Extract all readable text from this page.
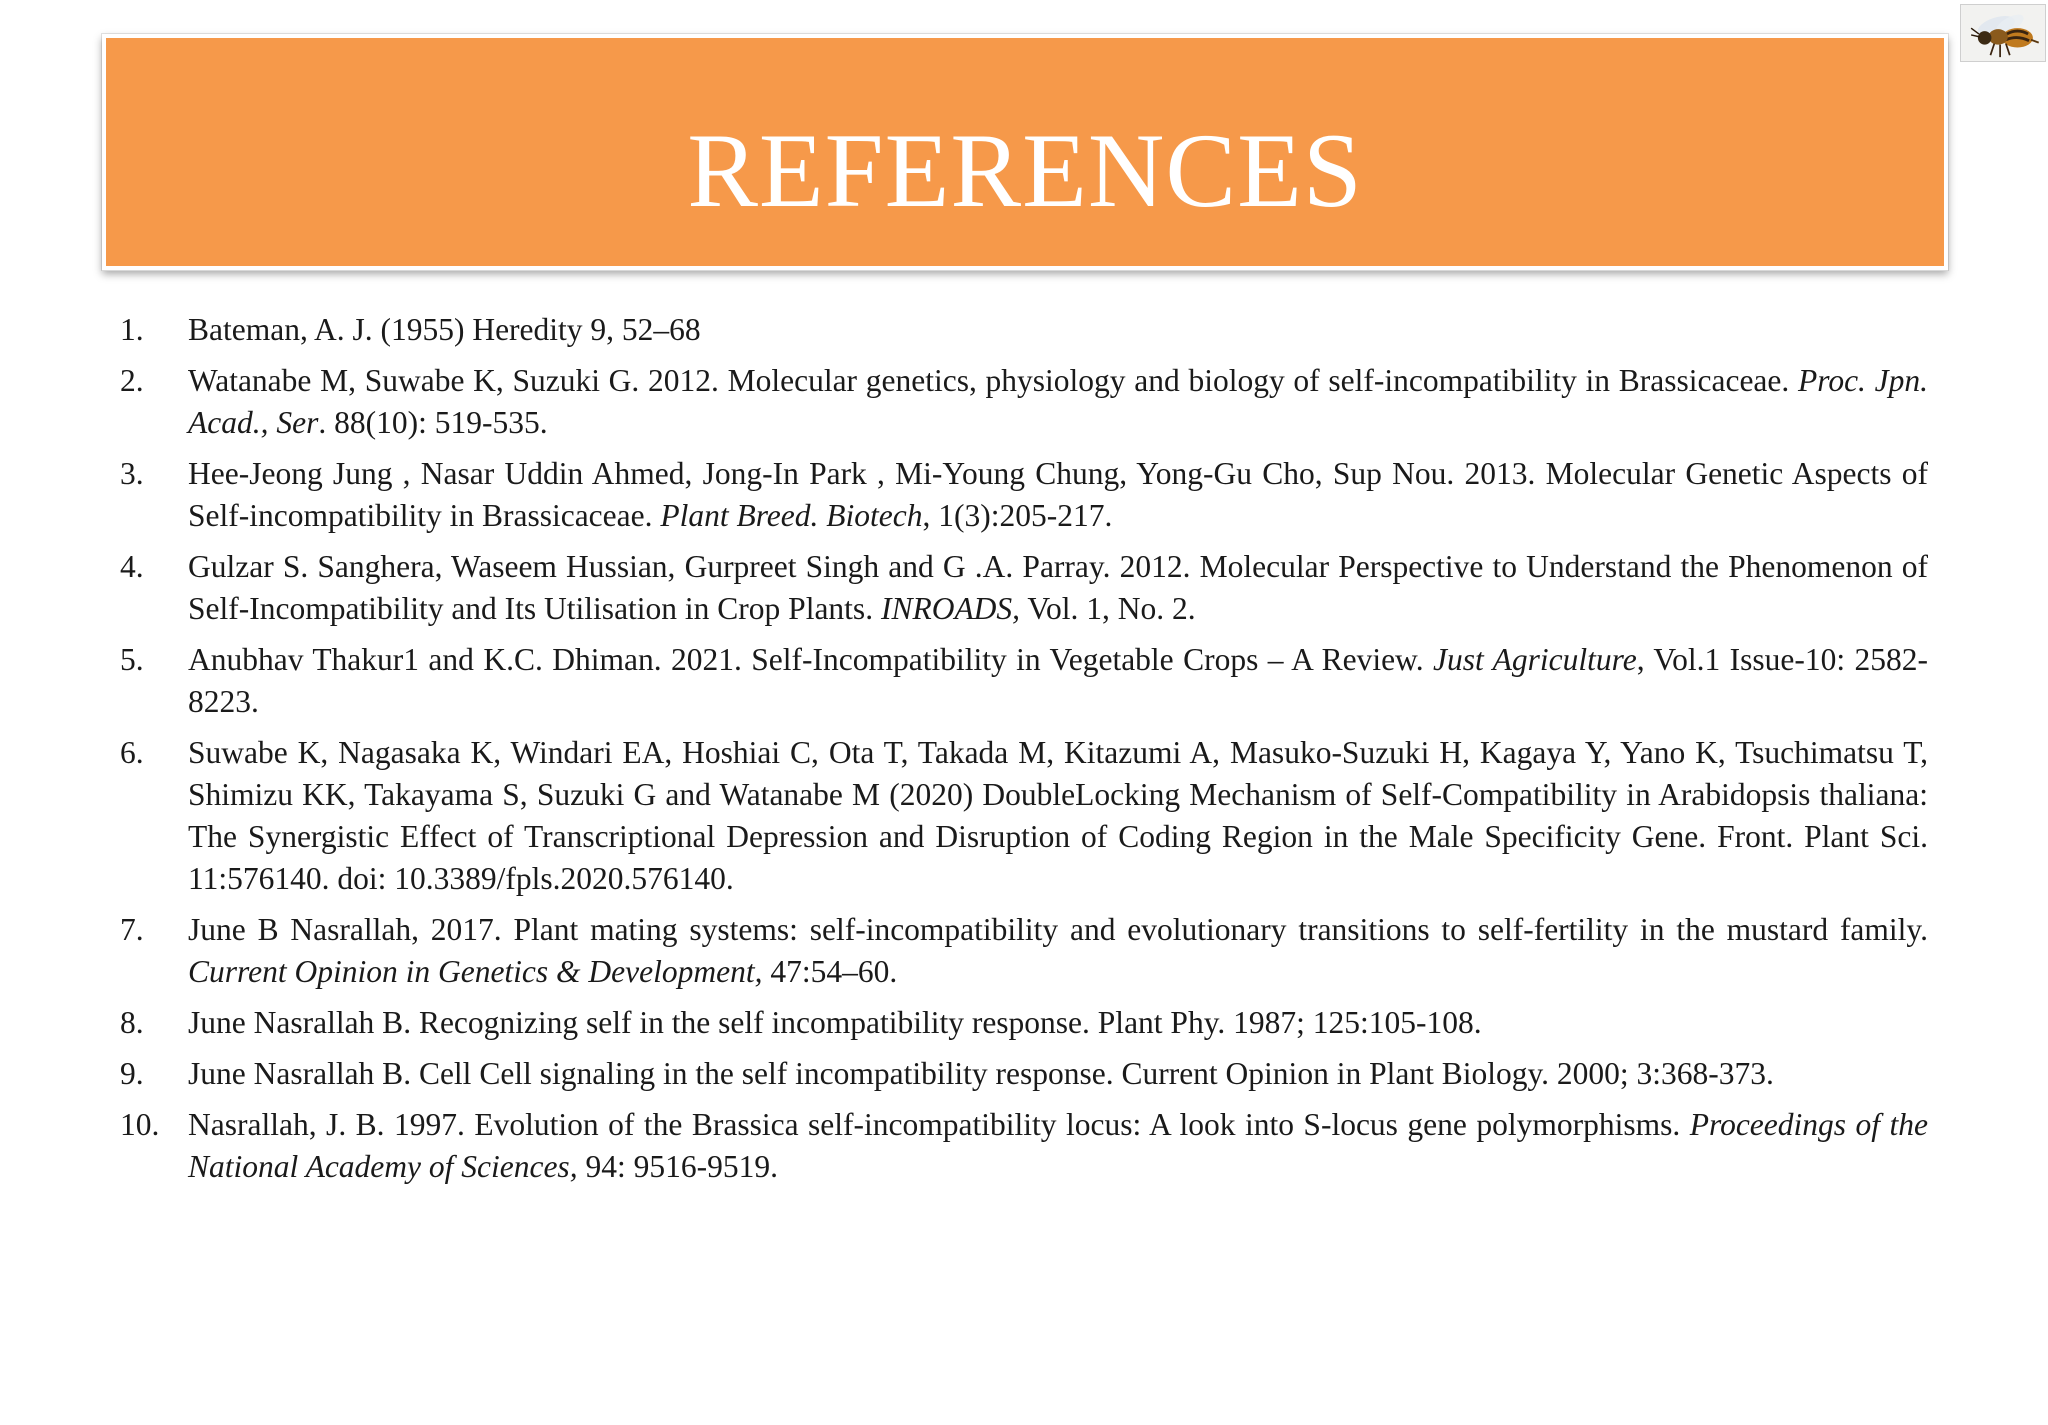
REFERENCES
1. Bateman, A. J. (1955) Heredity 9, 52–68
2. Watanabe M, Suwabe K, Suzuki G. 2012. Molecular genetics, physiology and biology of self-incompatibility in Brassicaceae. Proc. Jpn. Acad., Ser. 88(10): 519-535.
3. Hee-Jeong Jung , Nasar Uddin Ahmed, Jong-In Park , Mi-Young Chung, Yong-Gu Cho, Sup Nou. 2013. Molecular Genetic Aspects of Self-incompatibility in Brassicaceae. Plant Breed. Biotech, 1(3):205-217.
4. Gulzar S. Sanghera, Waseem Hussian, Gurpreet Singh and G .A. Parray. 2012. Molecular Perspective to Understand the Phenomenon of Self-Incompatibility and Its Utilisation in Crop Plants. INROADS, Vol. 1, No. 2.
5. Anubhav Thakur1 and K.C. Dhiman. 2021. Self-Incompatibility in Vegetable Crops – A Review. Just Agriculture, Vol.1 Issue-10: 2582-8223.
6. Suwabe K, Nagasaka K, Windari EA, Hoshiai C, Ota T, Takada M, Kitazumi A, Masuko-Suzuki H, Kagaya Y, Yano K, Tsuchimatsu T, Shimizu KK, Takayama S, Suzuki G and Watanabe M (2020) DoubleLocking Mechanism of Self-Compatibility in Arabidopsis thaliana: The Synergistic Effect of Transcriptional Depression and Disruption of Coding Region in the Male Specificity Gene. Front. Plant Sci. 11:576140. doi: 10.3389/fpls.2020.576140.
7. June B Nasrallah, 2017. Plant mating systems: self-incompatibility and evolutionary transitions to self-fertility in the mustard family. Current Opinion in Genetics & Development, 47:54–60.
8. June Nasrallah B. Recognizing self in the self incompatibility response. Plant Phy. 1987; 125:105-108.
9. June Nasrallah B. Cell Cell signaling in the self incompatibility response. Current Opinion in Plant Biology. 2000; 3:368-373.
10. Nasrallah, J. B. 1997. Evolution of the Brassica self-incompatibility locus: A look into S-locus gene polymorphisms. Proceedings of the National Academy of Sciences, 94: 9516-9519.
